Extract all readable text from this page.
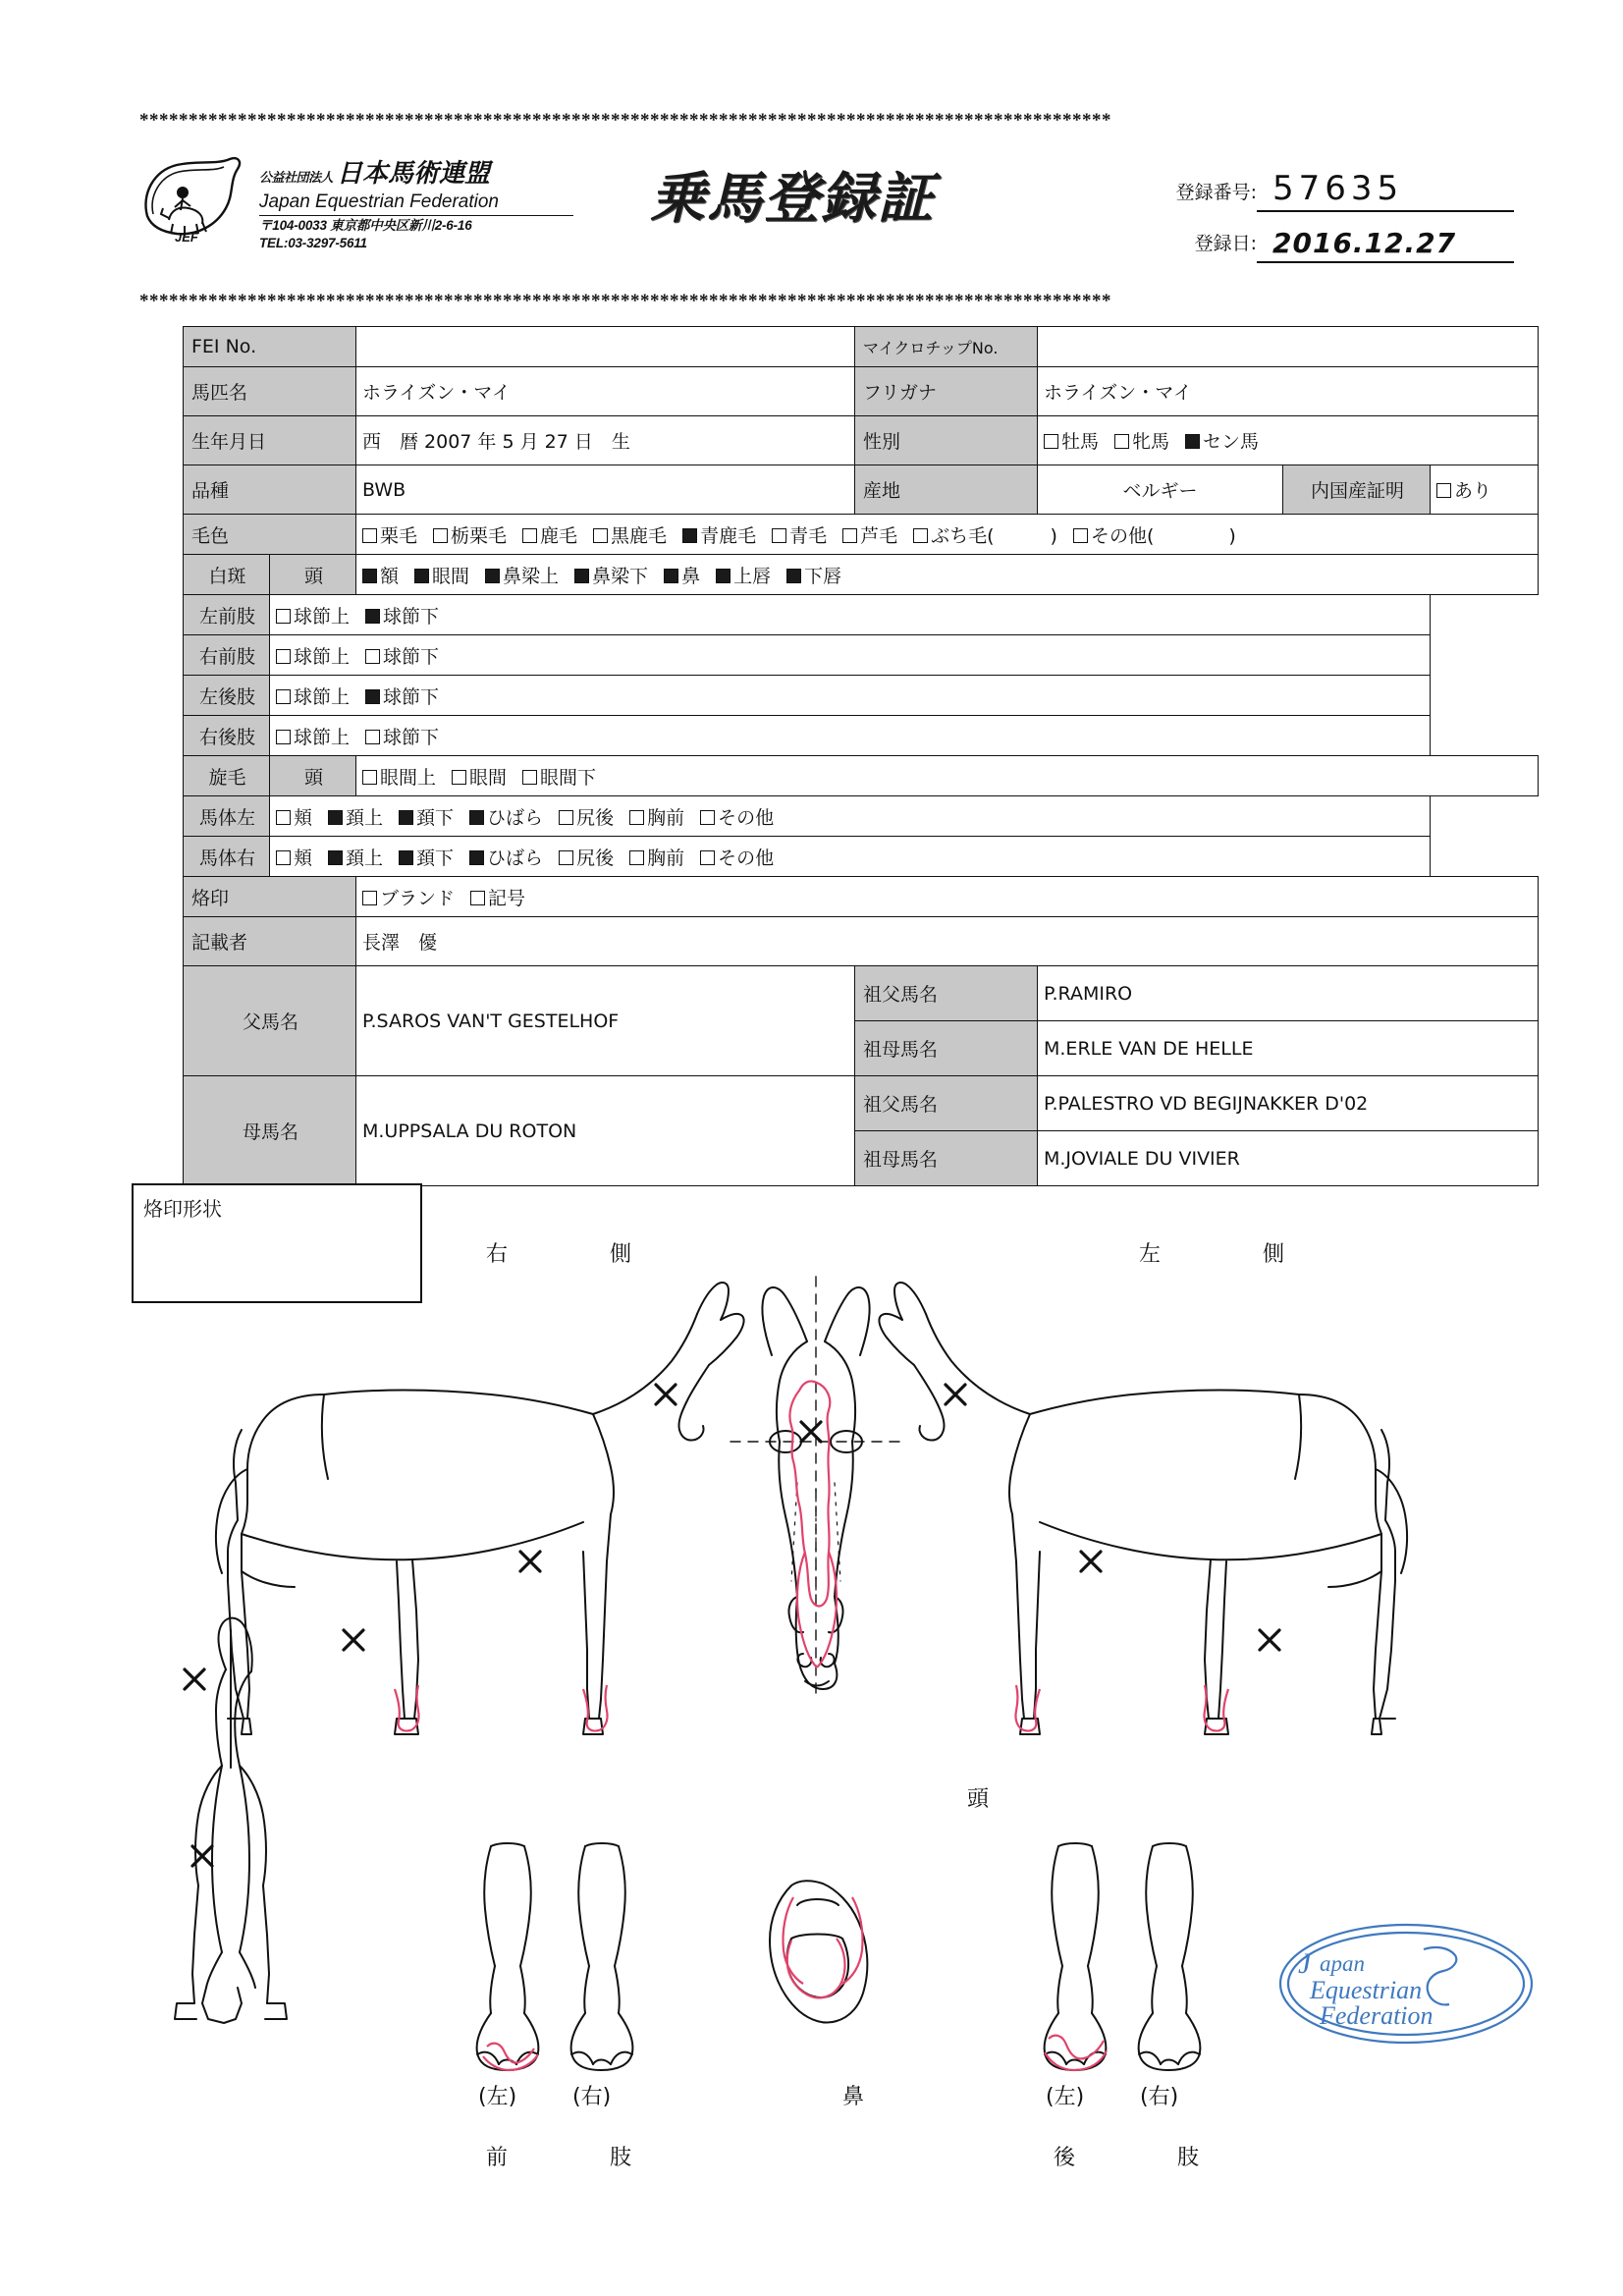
***************************************************************************************************
JEF
公益社団法人 日本馬術連盟
Japan Equestrian Federation
〒104-0033 東京都中央区新川2-6-16
TEL:03-3297-5611
乗馬登録証	登録番号: 57635
登録日: 2016.12.27
***************************************************************************************************
FEI No.			マイクロチップNo.			
馬匹名		ホライズン・マイ	フリガナ	ホライズン・マイ		
生年月日		西　暦 2007 年 5 月 27 日　生	性別	牡馬 牝馬 セン馬		

品種		BWB	産地	ベルギー	内国産証明	あり

毛色	栗毛 栃栗毛 鹿毛 黒鹿毛 青鹿毛 青毛 芦毛 ぶち毛(　　　) その他(　　　　)

白斑	頭	額 眼間 鼻梁上 鼻梁下 鼻 上唇 下唇

左前肢	球節上 球節下					

右前肢	球節上 球節下					

左後肢	球節上 球節下					

右後肢	球節上 球節下					

旋毛	頭	眼間上 眼間 眼間下				

馬体左	頬 頚上 頚下 ひばら 尻後 胸前 その他

馬体右	頬 頚上 頚下 ひばら 尻後 胸前 その他

烙印		ブランド 記号				

記載者		長澤　優				
父馬名		P.SAROS VAN'T GESTELHOF	祖父馬名	P.RAMIRO		
			祖母馬名	M.ERLE VAN DE HELLE		
母馬名		M.UPPSALA DU ROTON	祖父馬名	P.PALESTRO VD BEGIJNAKKER D'02		
			祖母馬名	M.JOVIALE DU VIVIER		
烙印形状
右　　側	左　　側
頭
(左)	(右)
前　　肢
鼻	(左)	(右)
後　　肢
J apan
Equestrian
Federation
